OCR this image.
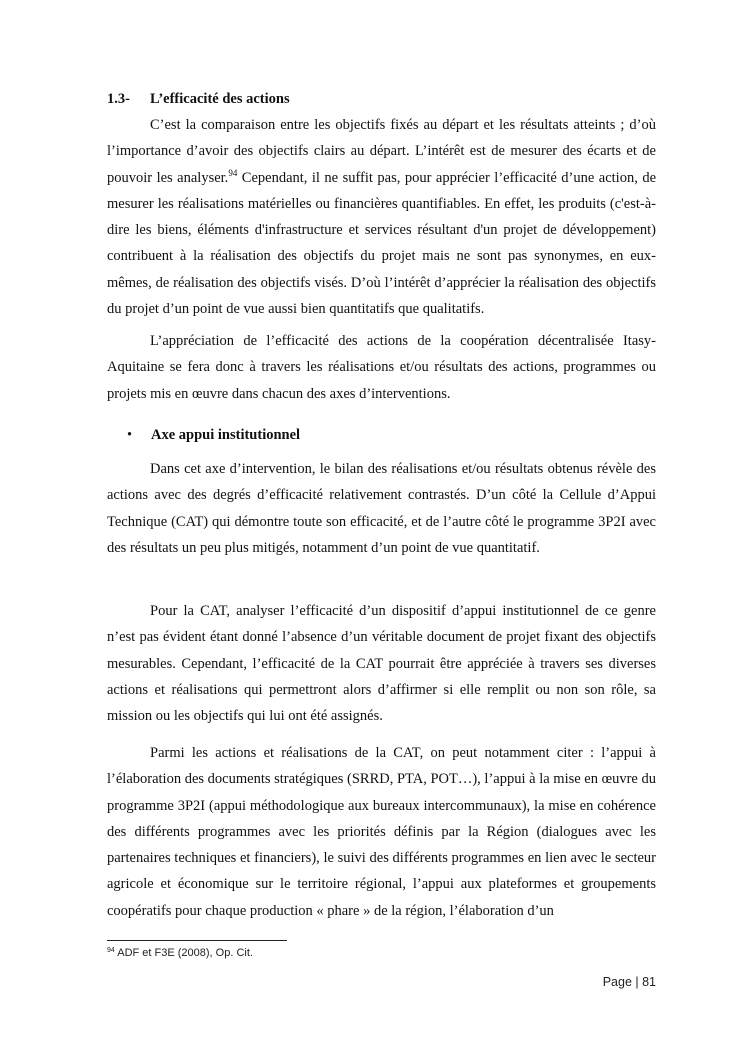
1.3- L’efficacité des actions

C’est la comparaison entre les objectifs fixés au départ et les résultats atteints ; d’où l’importance d’avoir des objectifs clairs au départ. L’intérêt est de mesurer des écarts et de pouvoir les analyser.$^{94}$ Cependant, il ne suffit pas, pour apprécier l’efficacité d’une action, de mesurer les réalisations matérielles ou financières quantifiables. En effet, les produits (c'est-à-dire les biens, éléments d'infrastructure et services résultant d'un projet de développement) contribuent à la réalisation des objectifs du projet mais ne sont pas synonymes, en eux-mêmes, de réalisation des objectifs visés. D’où l’intérêt d’apprécier la réalisation des objectifs du projet d’un point de vue aussi bien quantitatifs que qualitatifs.

L’appréciation de l’efficacité des actions de la coopération décentralisée Itasy-Aquitaine se fera donc à travers les réalisations et/ou résultats des actions, programmes ou projets mis en œuvre dans chacun des axes d’interventions.

• Axe appui institutionnel

Dans cet axe d’intervention, le bilan des réalisations et/ou résultats obtenus révèle des actions avec des degrés d’efficacité relativement contrastés. D’un côté la Cellule d’Appui Technique (CAT) qui démontre toute son efficacité, et de l’autre côté le programme 3P2I avec des résultats un peu plus mitigés, notamment d’un point de vue quantitatif.

Pour la CAT, analyser l’efficacité d’un dispositif d’appui institutionnel de ce genre n’est pas évident étant donné l’absence d’un véritable document de projet fixant des objectifs mesurables. Cependant, l’efficacité de la CAT pourrait être appréciée à travers ses diverses actions et réalisations qui permettront alors d’affirmer si elle remplit ou non son rôle, sa mission ou les objectifs qui lui ont été assignés.

Parmi les actions et réalisations de la CAT, on peut notamment citer : l’appui à l’élaboration des documents stratégiques (SRRD, PTA, POT…), l’appui à la mise en œuvre du programme 3P2I (appui méthodologique aux bureaux intercommunaux), la mise en cohérence des différents programmes avec les priorités définis par la Région (dialogues avec les partenaires techniques et financiers), le suivi des différents programmes en lien avec le secteur agricole et économique sur le territoire régional, l’appui aux plateformes et groupements coopératifs pour chaque production « phare » de la région, l’élaboration d’un

$^{94}$ ADF et F3E (2008), Op. Cit.
Page | 81
